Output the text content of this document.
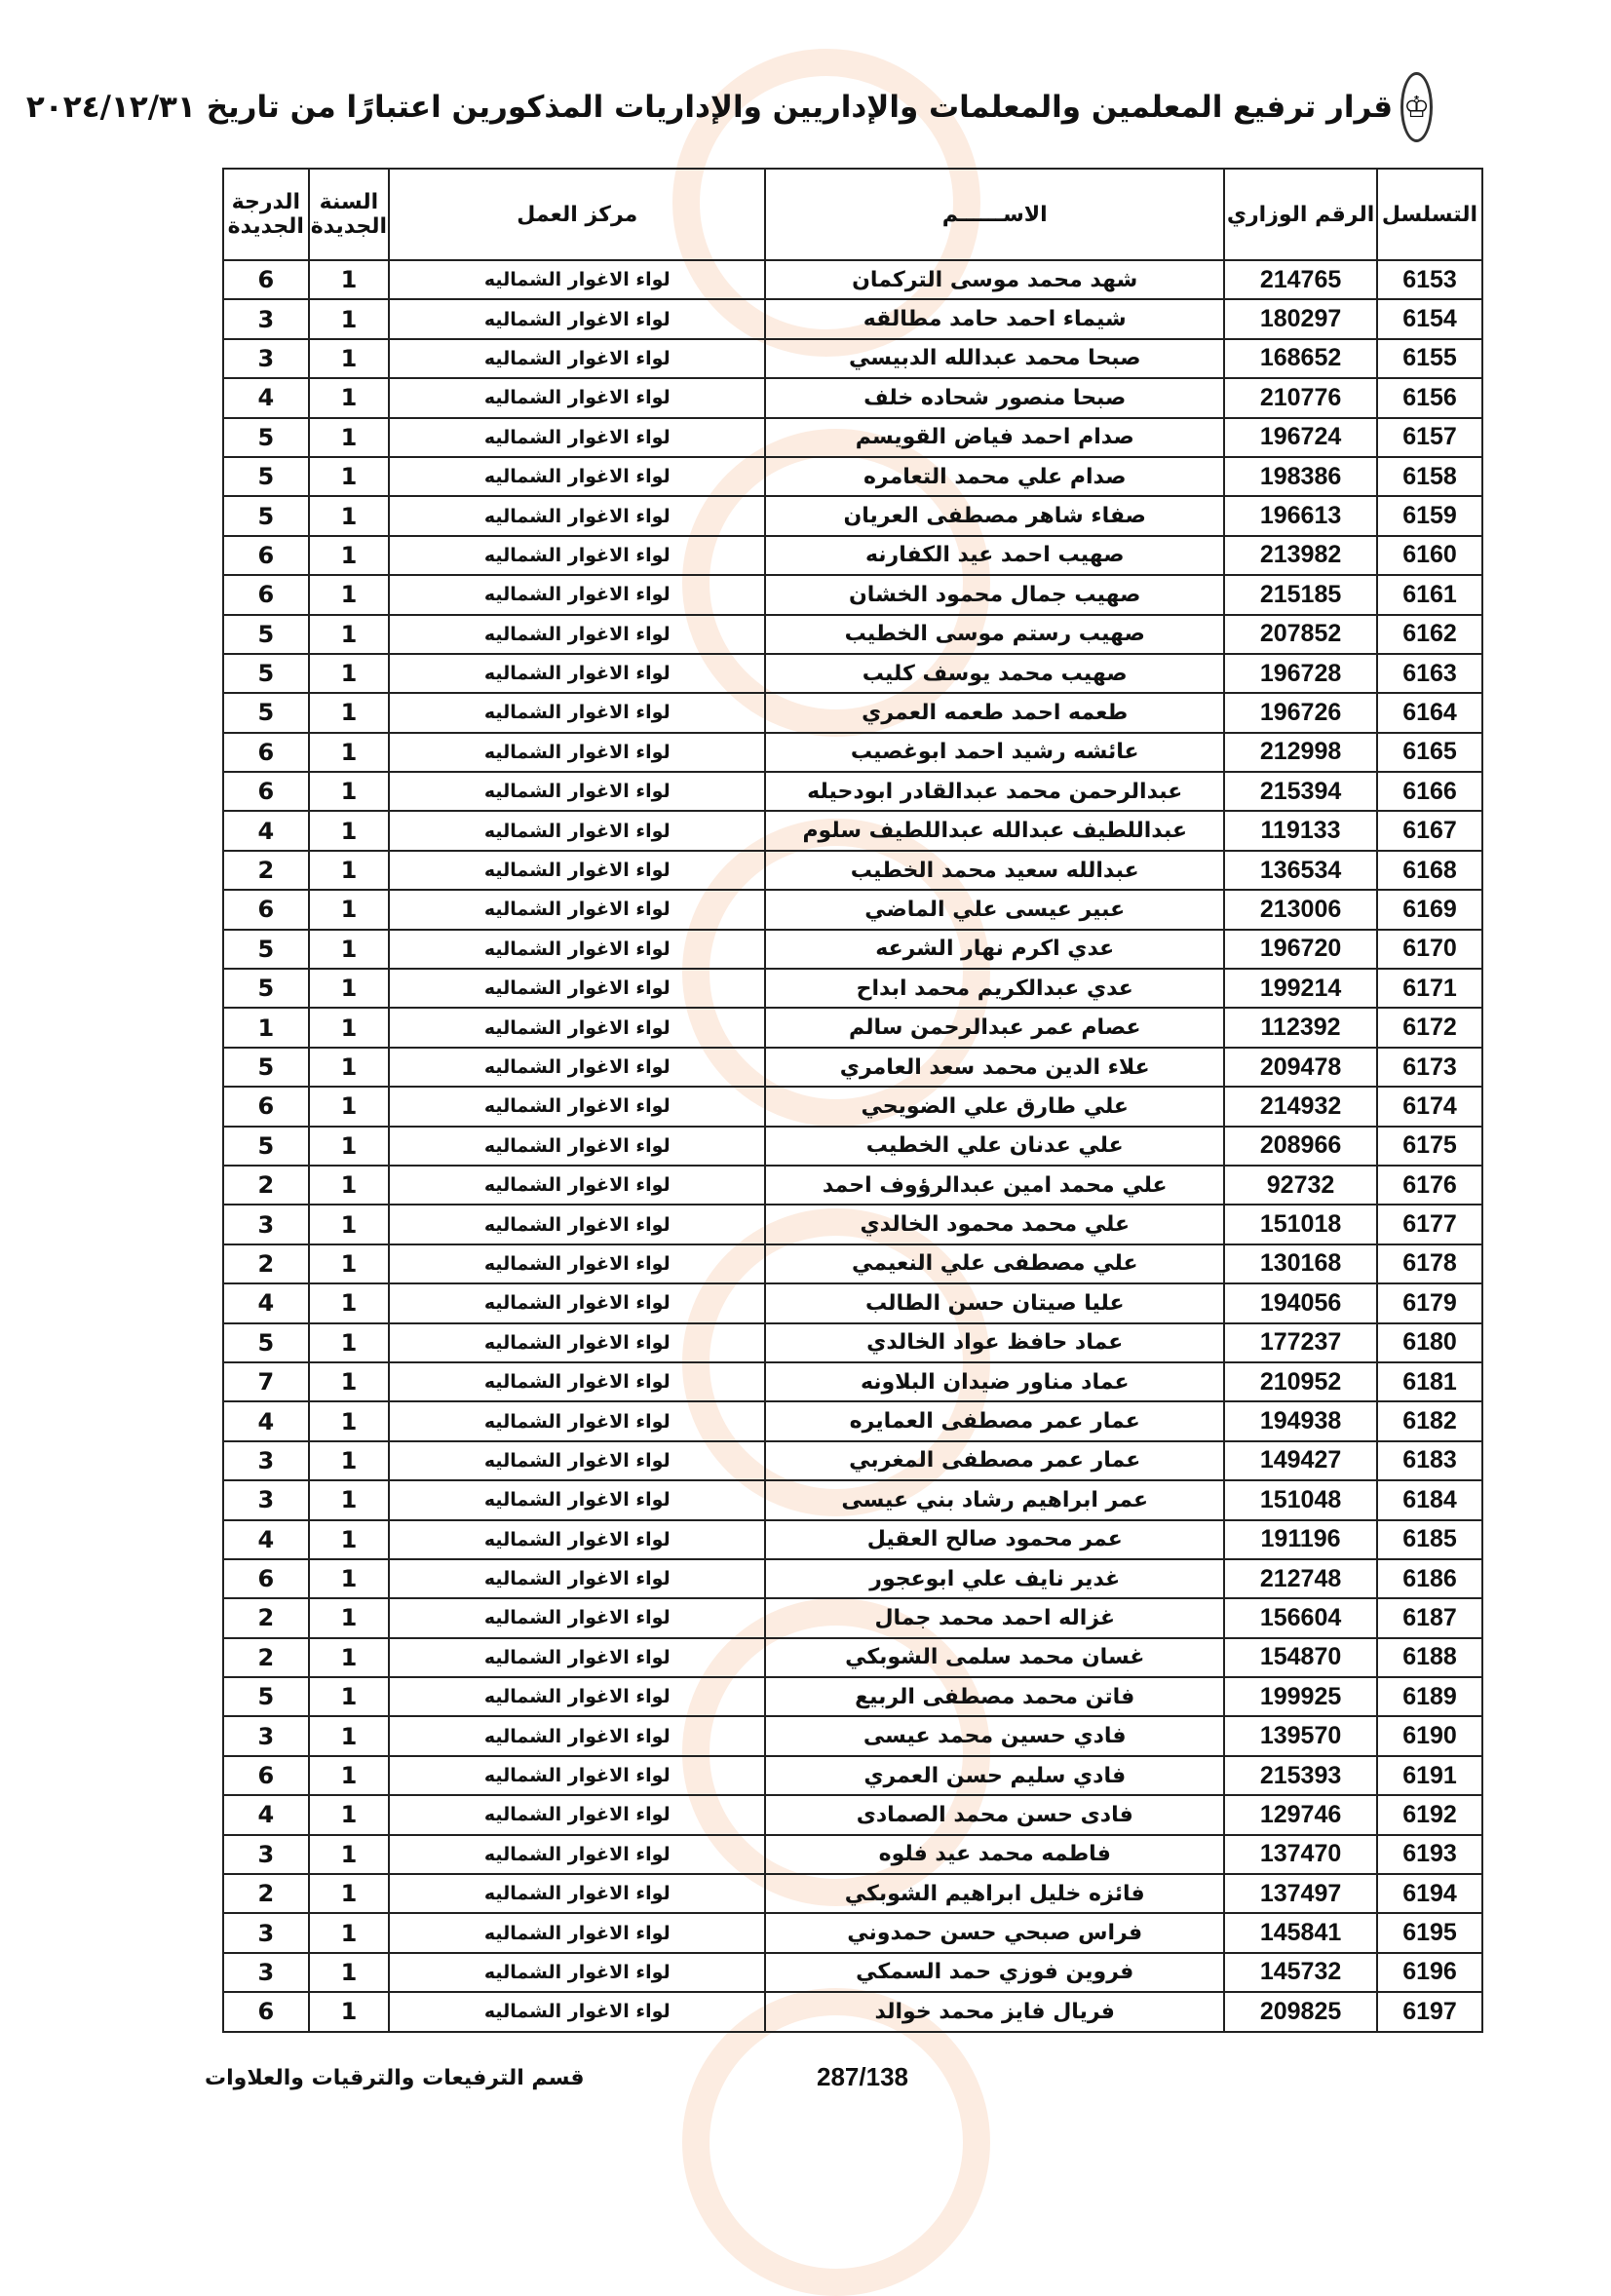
♔
قرار ترفيع المعلمين والمعلمات والإداريين والإداريات المذكورين اعتبارًا من تاريخ ٢٠٢٤/١٢/٣١
التسلسل	الرقم الوزاري	الاســــــم	مركز العمل	السنة الجديدة	الدرجة الجديدة
6153	214765	شهد محمد موسى التركمان	لواء الاغوار الشماليه	1	6
6154	180297	شيماء احمد حامد مطالقه	لواء الاغوار الشماليه	1	3
6155	168652	صبحا محمد عبدالله الدبيسي	لواء الاغوار الشماليه	1	3
6156	210776	صبحا منصور شحاده خلف	لواء الاغوار الشماليه	1	4
6157	196724	صدام احمد فياض القويسم	لواء الاغوار الشماليه	1	5
6158	198386	صدام علي محمد التعامره	لواء الاغوار الشماليه	1	5
6159	196613	صفاء شاهر مصطفى العريان	لواء الاغوار الشماليه	1	5
6160	213982	صهيب احمد عيد الكفارنه	لواء الاغوار الشماليه	1	6
6161	215185	صهيب جمال محمود الخشان	لواء الاغوار الشماليه	1	6
6162	207852	صهيب رستم موسى الخطيب	لواء الاغوار الشماليه	1	5
6163	196728	صهيب محمد يوسف كليب	لواء الاغوار الشماليه	1	5
6164	196726	طعمه احمد طعمه العمري	لواء الاغوار الشماليه	1	5
6165	212998	عائشه رشيد احمد ابوغصيب	لواء الاغوار الشماليه	1	6
6166	215394	عبدالرحمن محمد عبدالقادر ابودحيله	لواء الاغوار الشماليه	1	6
6167	119133	عبداللطيف عبدالله عبداللطيف سلوم	لواء الاغوار الشماليه	1	4
6168	136534	عبدالله سعيد محمد الخطيب	لواء الاغوار الشماليه	1	2
6169	213006	عبير عيسى علي الماضي	لواء الاغوار الشماليه	1	6
6170	196720	عدي اكرم نهار الشرعه	لواء الاغوار الشماليه	1	5
6171	199214	عدي عبدالكريم محمد ابداح	لواء الاغوار الشماليه	1	5
6172	112392	عصام عمر عبدالرحمن سالم	لواء الاغوار الشماليه	1	1
6173	209478	علاء الدين محمد سعد العامري	لواء الاغوار الشماليه	1	5
6174	214932	علي طارق علي الضويحي	لواء الاغوار الشماليه	1	6
6175	208966	علي عدنان علي الخطيب	لواء الاغوار الشماليه	1	5
6176	92732	علي محمد امين عبدالرؤوف احمد	لواء الاغوار الشماليه	1	2
6177	151018	علي محمد محمود الخالدي	لواء الاغوار الشماليه	1	3
6178	130168	علي مصطفى علي النعيمي	لواء الاغوار الشماليه	1	2
6179	194056	عليا صيتان حسن الطالب	لواء الاغوار الشماليه	1	4
6180	177237	عماد حافظ عواد الخالدي	لواء الاغوار الشماليه	1	5
6181	210952	عماد مناور ضيدان البلاونه	لواء الاغوار الشماليه	1	7
6182	194938	عمار عمر مصطفى العمايره	لواء الاغوار الشماليه	1	4
6183	149427	عمار عمر مصطفى المغربي	لواء الاغوار الشماليه	1	3
6184	151048	عمر ابراهيم رشاد بني عيسى	لواء الاغوار الشماليه	1	3
6185	191196	عمر محمود صالح العقيل	لواء الاغوار الشماليه	1	4
6186	212748	غدير نايف علي ابوعجور	لواء الاغوار الشماليه	1	6
6187	156604	غزاله احمد محمد جمال	لواء الاغوار الشماليه	1	2
6188	154870	غسان محمد سلمى الشوبكي	لواء الاغوار الشماليه	1	2
6189	199925	فاتن محمد مصطفى الربيع	لواء الاغوار الشماليه	1	5
6190	139570	فادي حسين محمد عيسى	لواء الاغوار الشماليه	1	3
6191	215393	فادي سليم حسن العمري	لواء الاغوار الشماليه	1	6
6192	129746	فادى حسن محمد الصمادى	لواء الاغوار الشماليه	1	4
6193	137470	فاطمه محمد عيد فلوه	لواء الاغوار الشماليه	1	3
6194	137497	فائزه خليل ابراهيم الشوبكي	لواء الاغوار الشماليه	1	2
6195	145841	فراس صبحي حسن حمدوني	لواء الاغوار الشماليه	1	3
6196	145732	فروين فوزي حمد السمكي	لواء الاغوار الشماليه	1	3
6197	209825	فريال فايز محمد خوالد	لواء الاغوار الشماليه	1	6
287/138
قسم الترفيعات والترقيات والعلاوات
